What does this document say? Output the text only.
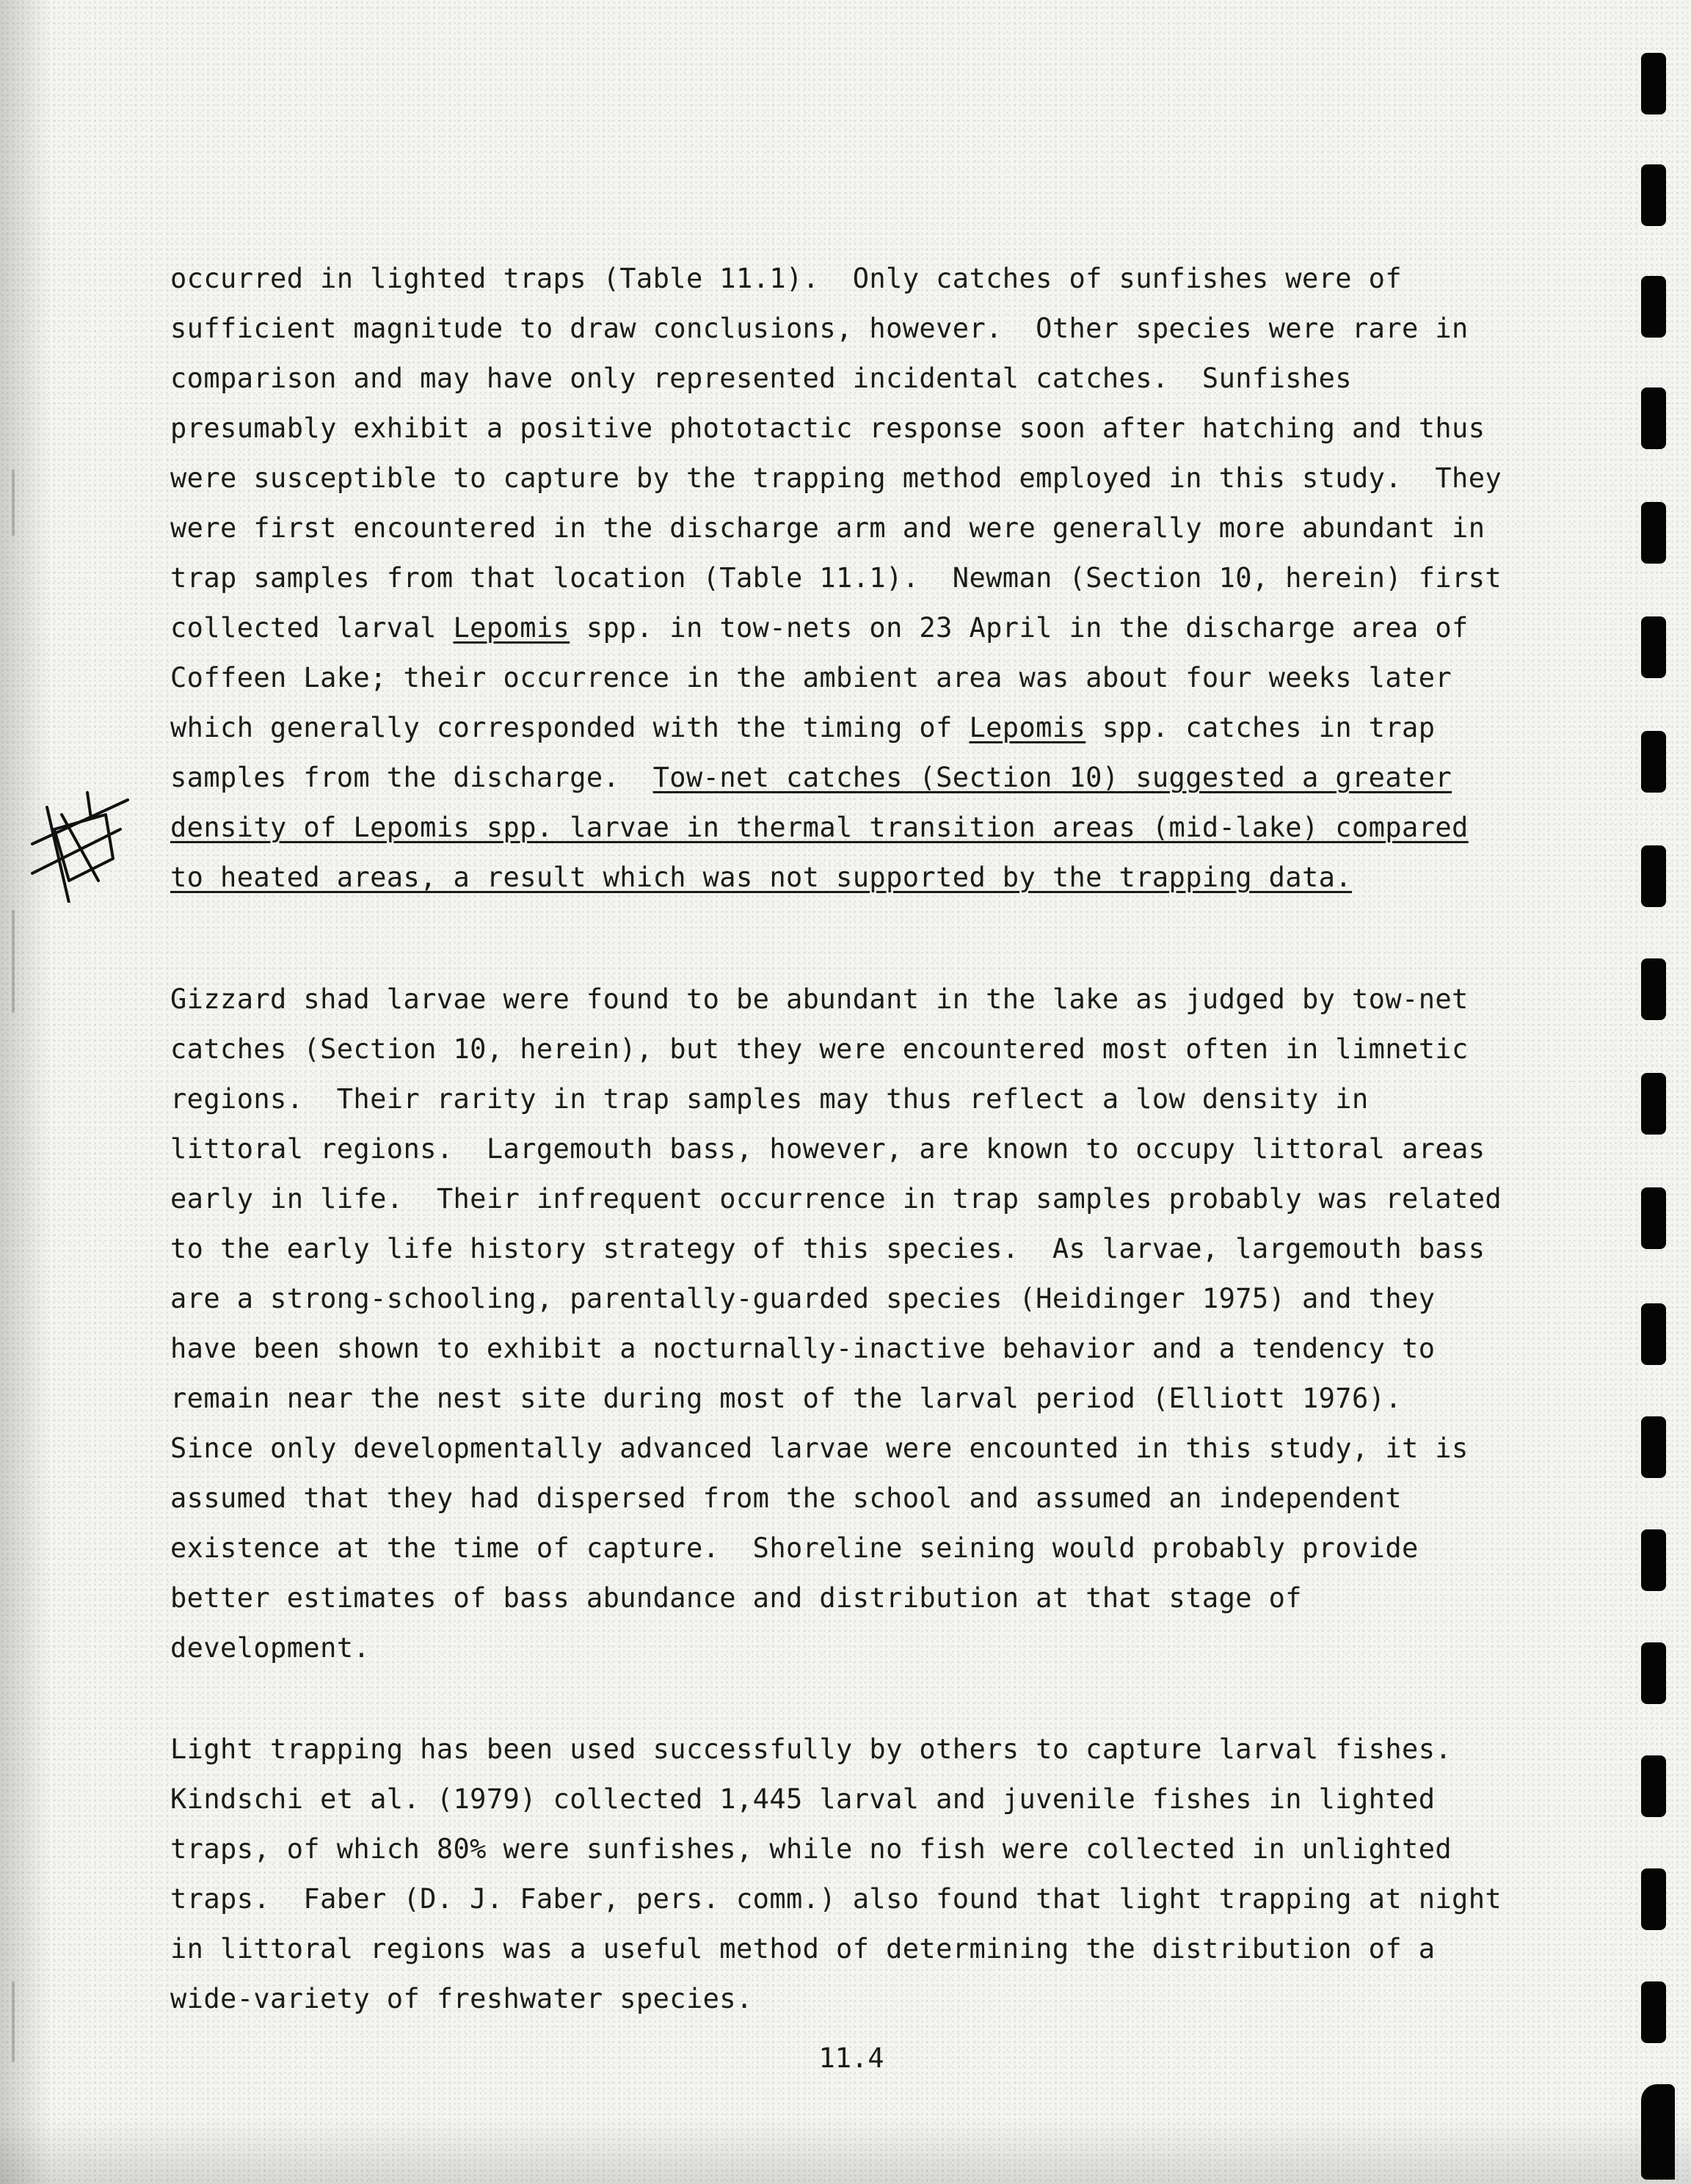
occurred in lighted traps (Table 11.1).  Only catches of sunfishes were of
sufficient magnitude to draw conclusions, however.  Other species were rare in
comparison and may have only represented incidental catches.  Sunfishes
presumably exhibit a positive phototactic response soon after hatching and thus
were susceptible to capture by the trapping method employed in this study.  They
were first encountered in the discharge arm and were generally more abundant in
trap samples from that location (Table 11.1).  Newman (Section 10, herein) first
collected larval Lepomis spp. in tow-nets on 23 April in the discharge area of
Coffeen Lake; their occurrence in the ambient area was about four weeks later
which generally corresponded with the timing of Lepomis spp. catches in trap
samples from the discharge.  Tow-net catches (Section 10) suggested a greater
density of Lepomis spp. larvae in thermal transition areas (mid-lake) compared
to heated areas, a result which was not supported by the trapping data.
Gizzard shad larvae were found to be abundant in the lake as judged by tow-net
catches (Section 10, herein), but they were encountered most often in limnetic
regions.  Their rarity in trap samples may thus reflect a low density in
littoral regions.  Largemouth bass, however, are known to occupy littoral areas
early in life.  Their infrequent occurrence in trap samples probably was related
to the early life history strategy of this species.  As larvae, largemouth bass
are a strong-schooling, parentally-guarded species (Heidinger 1975) and they
have been shown to exhibit a nocturnally-inactive behavior and a tendency to
remain near the nest site during most of the larval period (Elliott 1976).
Since only developmentally advanced larvae were encounted in this study, it is
assumed that they had dispersed from the school and assumed an independent
existence at the time of capture.  Shoreline seining would probably provide
better estimates of bass abundance and distribution at that stage of
development.
Light trapping has been used successfully by others to capture larval fishes.
Kindschi et al. (1979) collected 1,445 larval and juvenile fishes in lighted
traps, of which 80% were sunfishes, while no fish were collected in unlighted
traps.  Faber (D. J. Faber, pers. comm.) also found that light trapping at night
in littoral regions was a useful method of determining the distribution of a
wide-variety of freshwater species.
11.4
